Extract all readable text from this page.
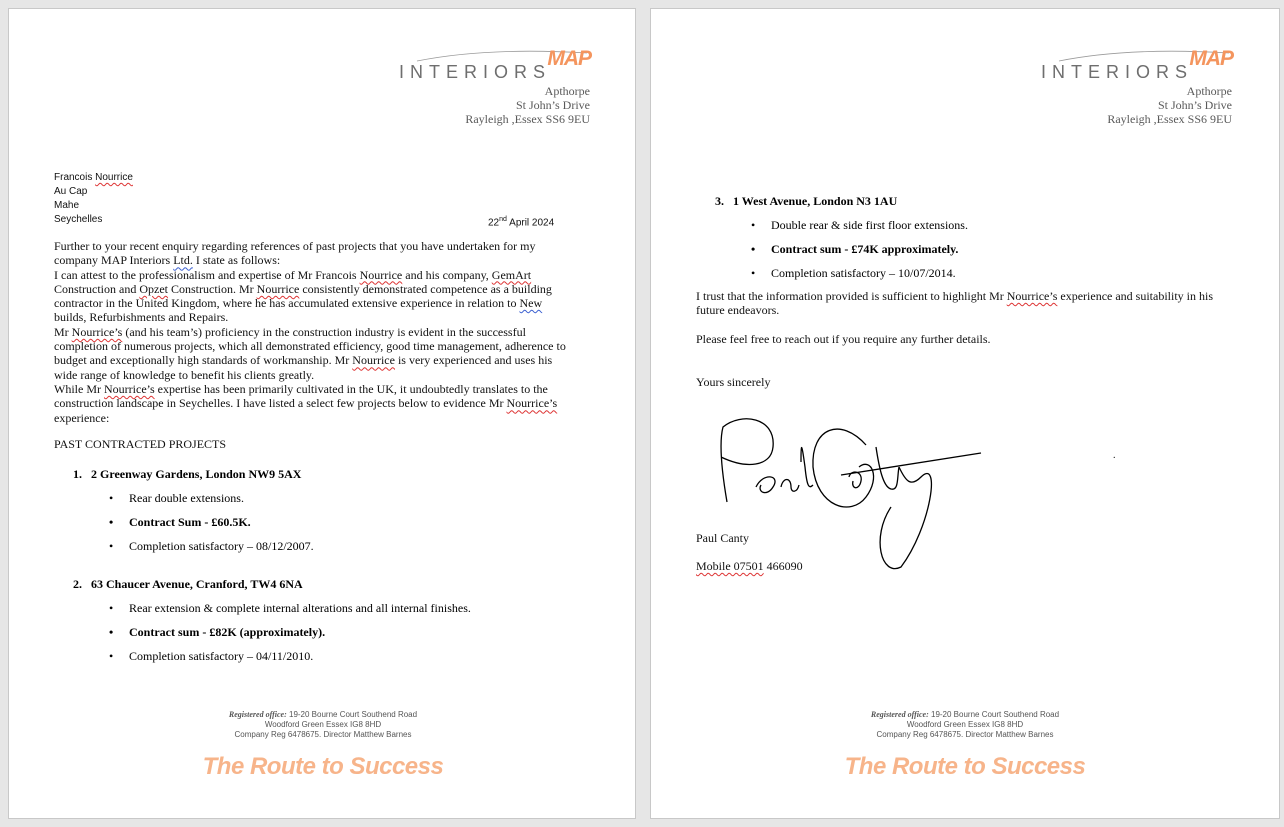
MAP
INTERIORS
Apthorpe
St John’s Drive
Rayleigh ,Essex SS6 9EU
Francois Nourrice
Au Cap
Mahe
Seychelles	22nd April 2024
Further to your recent enquiry regarding references of past projects that you have undertaken for my
company MAP Interiors Ltd. I state as follows:
I can attest to the professionalism and expertise of Mr Francois Nourrice and his company, GemArt
Construction and Opzet Construction. Mr Nourrice consistently demonstrated competence as a building
contractor in the United Kingdom, where he has accumulated extensive experience in relation to New
builds, Refurbishments and Repairs.
Mr Nourrice’s (and his team’s) proficiency in the construction industry is evident in the successful
completion of numerous projects, which all demonstrated efficiency, good time management, adherence to
budget and exceptionally high standards of workmanship. Mr Nourrice is very experienced and uses his
wide range of knowledge to benefit his clients greatly.
While Mr Nourrice’s expertise has been primarily cultivated in the UK, it undoubtedly translates to the
construction landscape in Seychelles. I have listed a select few projects below to evidence Mr Nourrice’s
experience:
PAST CONTRACTED PROJECTS
1. 2 Greenway Gardens, London NW9 5AX
• Rear double extensions.
• Contract Sum - £60.5K.
• Completion satisfactory – 08/12/2007.
2. 63 Chaucer Avenue, Cranford, TW4 6NA
• Rear extension & complete internal alterations and all internal finishes.
• Contract sum - £82K (approximately).
• Completion satisfactory – 04/11/2010.
Registered office: 19-20 Bourne Court Southend Road
Woodford Green Essex IG8 8HD
Company Reg 6478675. Director Matthew Barnes
The Route to Success
MAP
INTERIORS
Apthorpe
St John’s Drive
Rayleigh ,Essex SS6 9EU
3. 1 West Avenue, London N3 1AU
• Double rear & side first floor extensions.
• Contract sum - £74K approximately.
• Completion satisfactory – 10/07/2014.
I trust that the information provided is sufficient to highlight Mr Nourrice’s experience and suitability in his
future endeavors.
Please feel free to reach out if you require any further details.
Yours sincerely
Paul Canty
Mobile 07501 466090
.
Registered office: 19-20 Bourne Court Southend Road
Woodford Green Essex IG8 8HD
Company Reg 6478675. Director Matthew Barnes
The Route to Success
